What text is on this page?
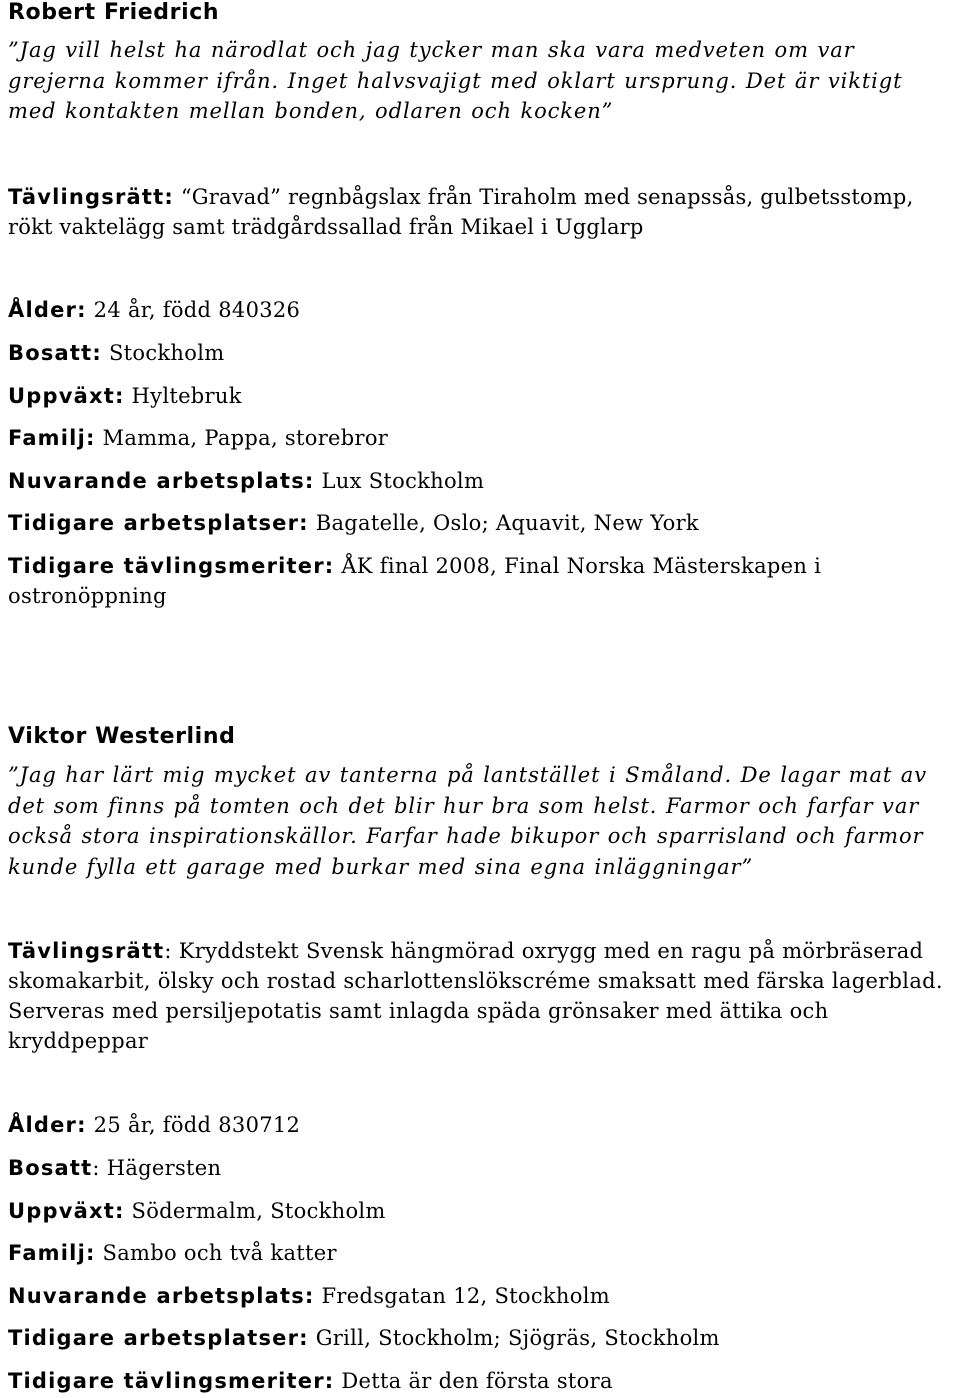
Robert Friedrich
”Jag vill helst ha närodlat och jag tycker man ska vara medveten om var grejerna kommer ifrån. Inget halvsvajigt med oklart ursprung. Det är viktigt med kontakten mellan bonden, odlaren och kocken”
Tävlingsrätt: “Gravad” regnbågslax från Tiraholm med senapssås, gulbetsstomp, rökt vaktelägg samt trädgårdssallad från Mikael i Ugglarp
Ålder: 24 år, född 840326
Bosatt: Stockholm
Uppväxt: Hyltebruk
Familj: Mamma, Pappa, storebror
Nuvarande arbetsplats: Lux Stockholm
Tidigare arbetsplatser: Bagatelle, Oslo; Aquavit, New York
Tidigare tävlingsmeriter: ÅK final 2008, Final Norska Mästerskapen i ostronöppning
Viktor Westerlind
”Jag har lärt mig mycket av tanterna på lantstället i Småland. De lagar mat av det som finns på tomten och det blir hur bra som helst. Farmor och farfar var också stora inspirationskällor. Farfar hade bikupor och sparrisland och farmor kunde fylla ett garage med burkar med sina egna inläggningar”
Tävlingsrätt: Kryddstekt Svensk hängmörad oxrygg med en ragu på mörbräserad skomakarbit, ölsky och rostad scharlottenslökscréme smaksatt med färska lagerblad. Serveras med persiljepotatis samt inlagda späda grönsaker med ättika och kryddpeppar
Ålder: 25 år, född 830712
Bosatt: Hägersten
Uppväxt: Södermalm, Stockholm
Familj: Sambo och två katter
Nuvarande arbetsplats: Fredsgatan 12, Stockholm
Tidigare arbetsplatser: Grill, Stockholm; Sjögräs, Stockholm
Tidigare tävlingsmeriter: Detta är den första stora
